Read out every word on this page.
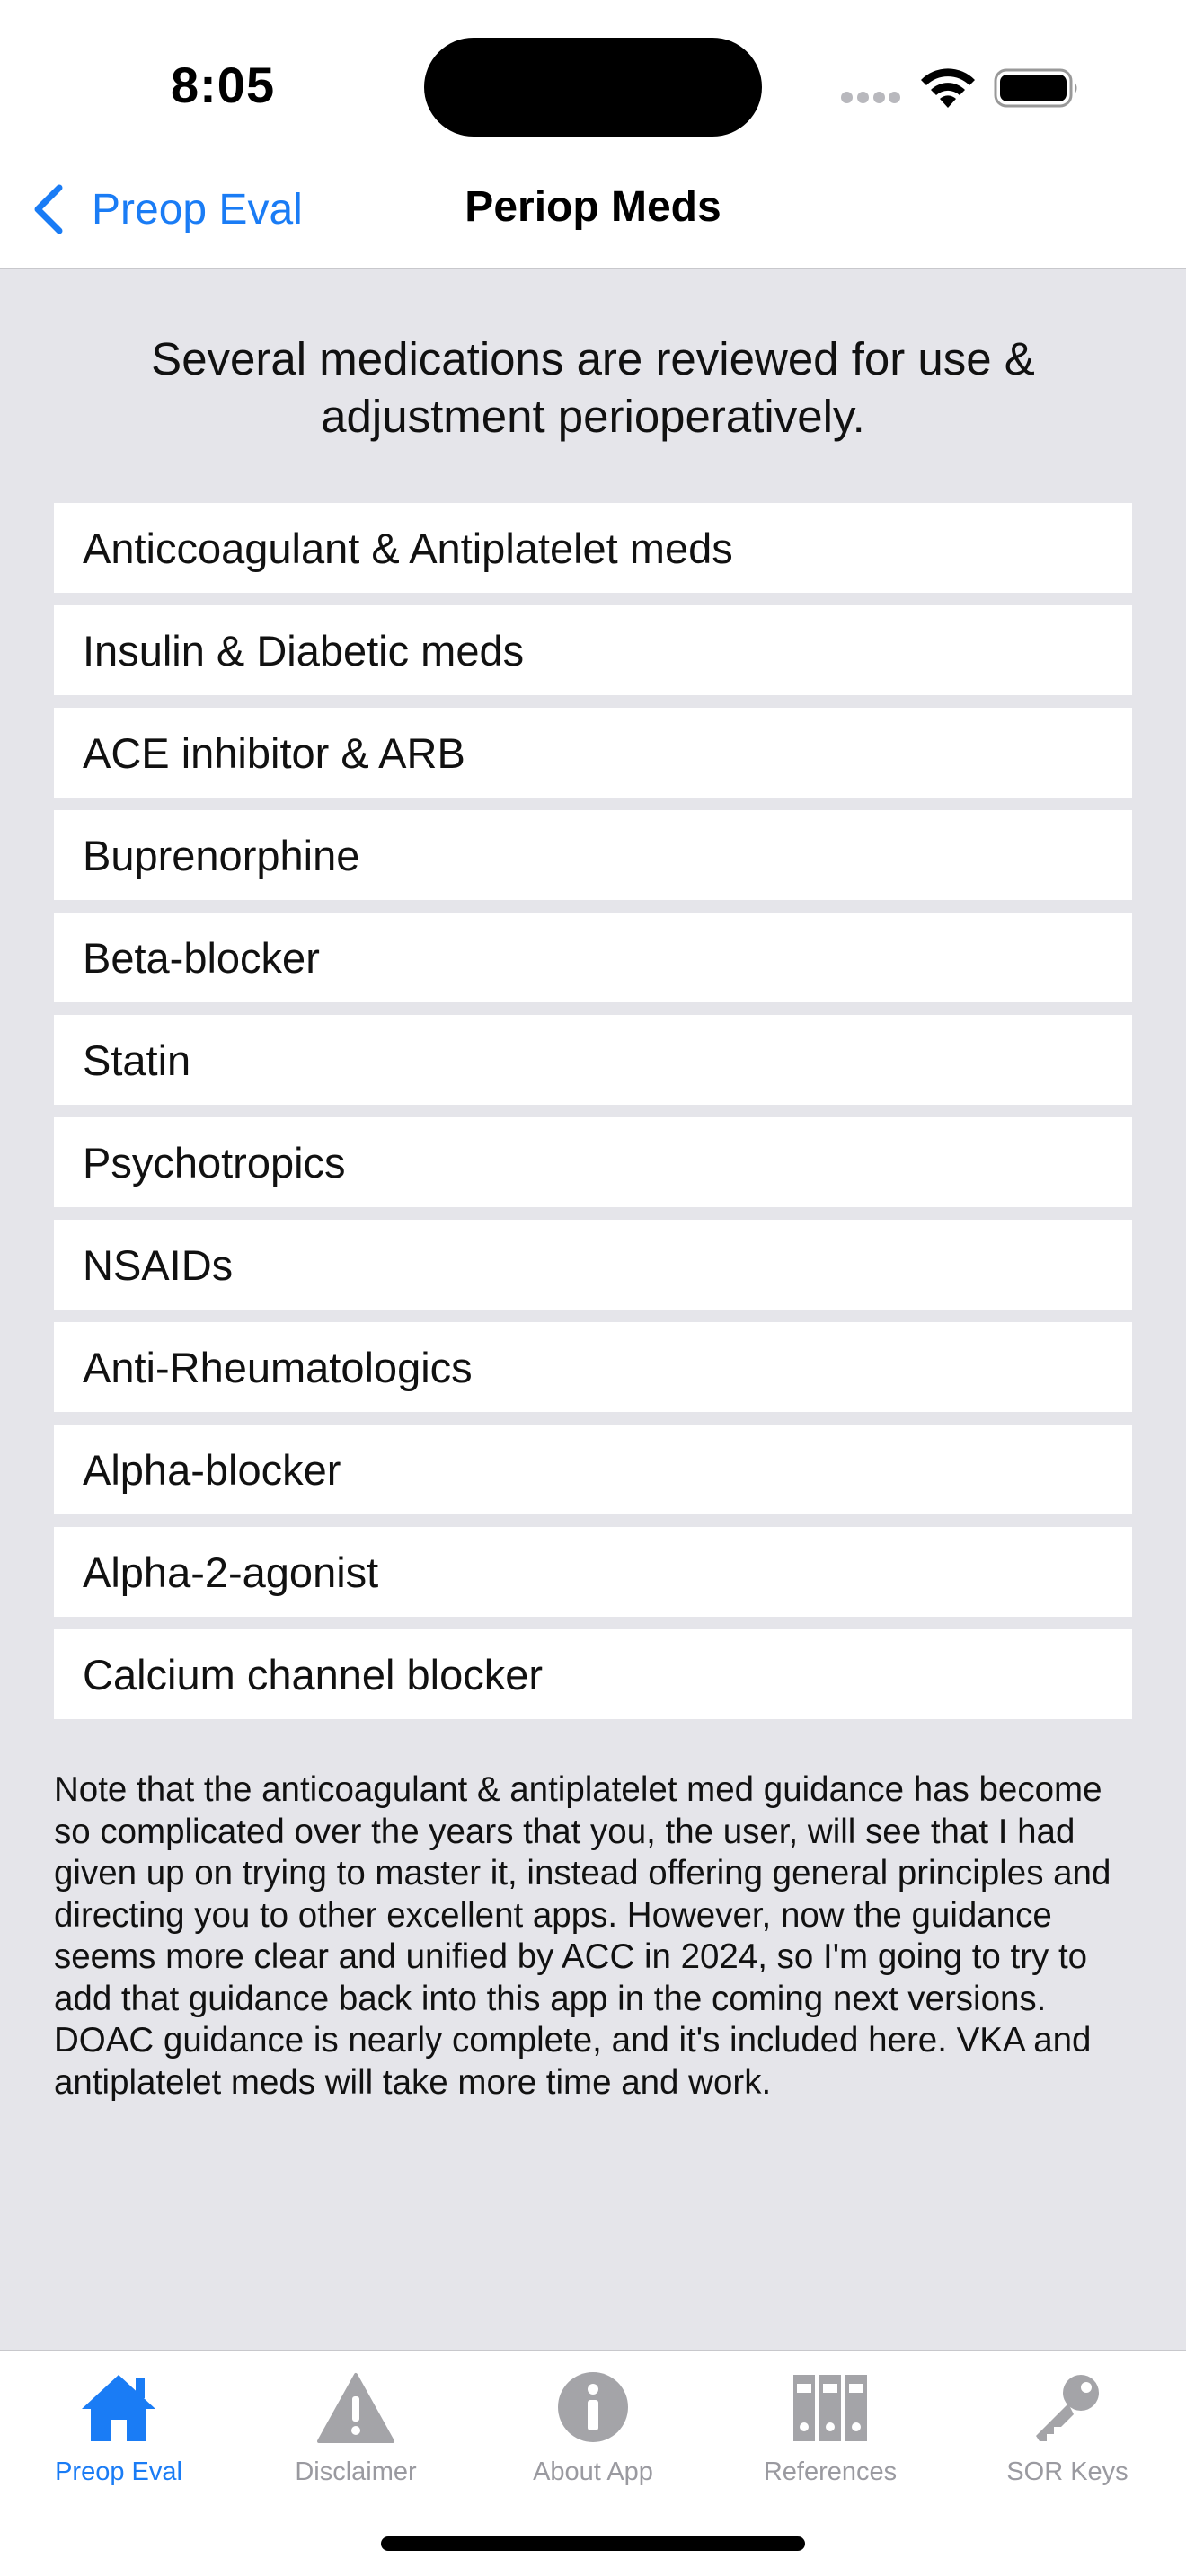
8:05
Preop Eval	Periop Meds
Several medications are reviewed for use & adjustment perioperatively.
Anticcoagulant & Antiplatelet meds
Insulin & Diabetic meds
ACE inhibitor & ARB
Buprenorphine
Beta-blocker
Statin
Psychotropics
NSAIDs
Anti-Rheumatologics
Alpha-blocker
Alpha-2-agonist
Calcium channel blocker
Note that the anticoagulant & antiplatelet med guidance has become so complicated over the years that you, the user, will see that I had given up on trying to master it, instead offering general principles and directing you to other excellent apps. However, now the guidance seems more clear and unified by ACC in 2024, so I'm going to try to add that guidance back into this app in the coming next versions. DOAC guidance is nearly complete, and it's included here. VKA and antiplatelet meds will take more time and work.
Preop Eval	Disclaimer	About App	References	SOR Keys
